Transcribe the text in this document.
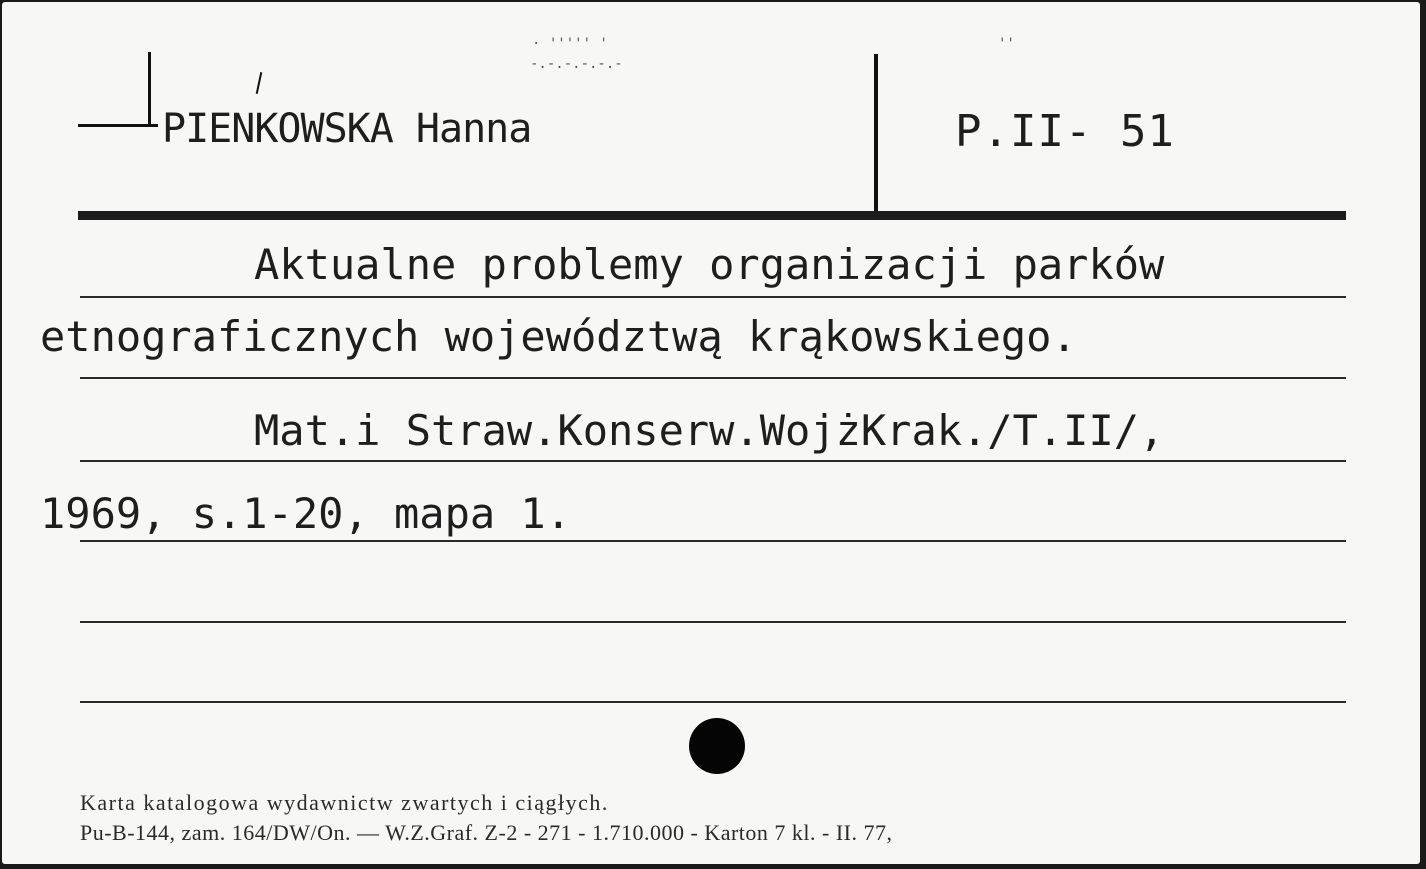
· ''''' '
-.-.-.-.-.-
''
PIENKOWSKA Hanna	P.II- 51
Aktualne problemy organizacji parków
etnograficznych województwą krąkowskiego.
Mat.i Straw.Konserw.WojżKrak./T.II/,
1969, s.1-20, mapa 1.
Karta katalogowa wydawnictw zwartych i ciągłych.
Pu-B-144, zam. 164/DW/On. — W.Z.Graf. Z-2 - 271 - 1.710.000 - Karton 7 kl. - II. 77,
